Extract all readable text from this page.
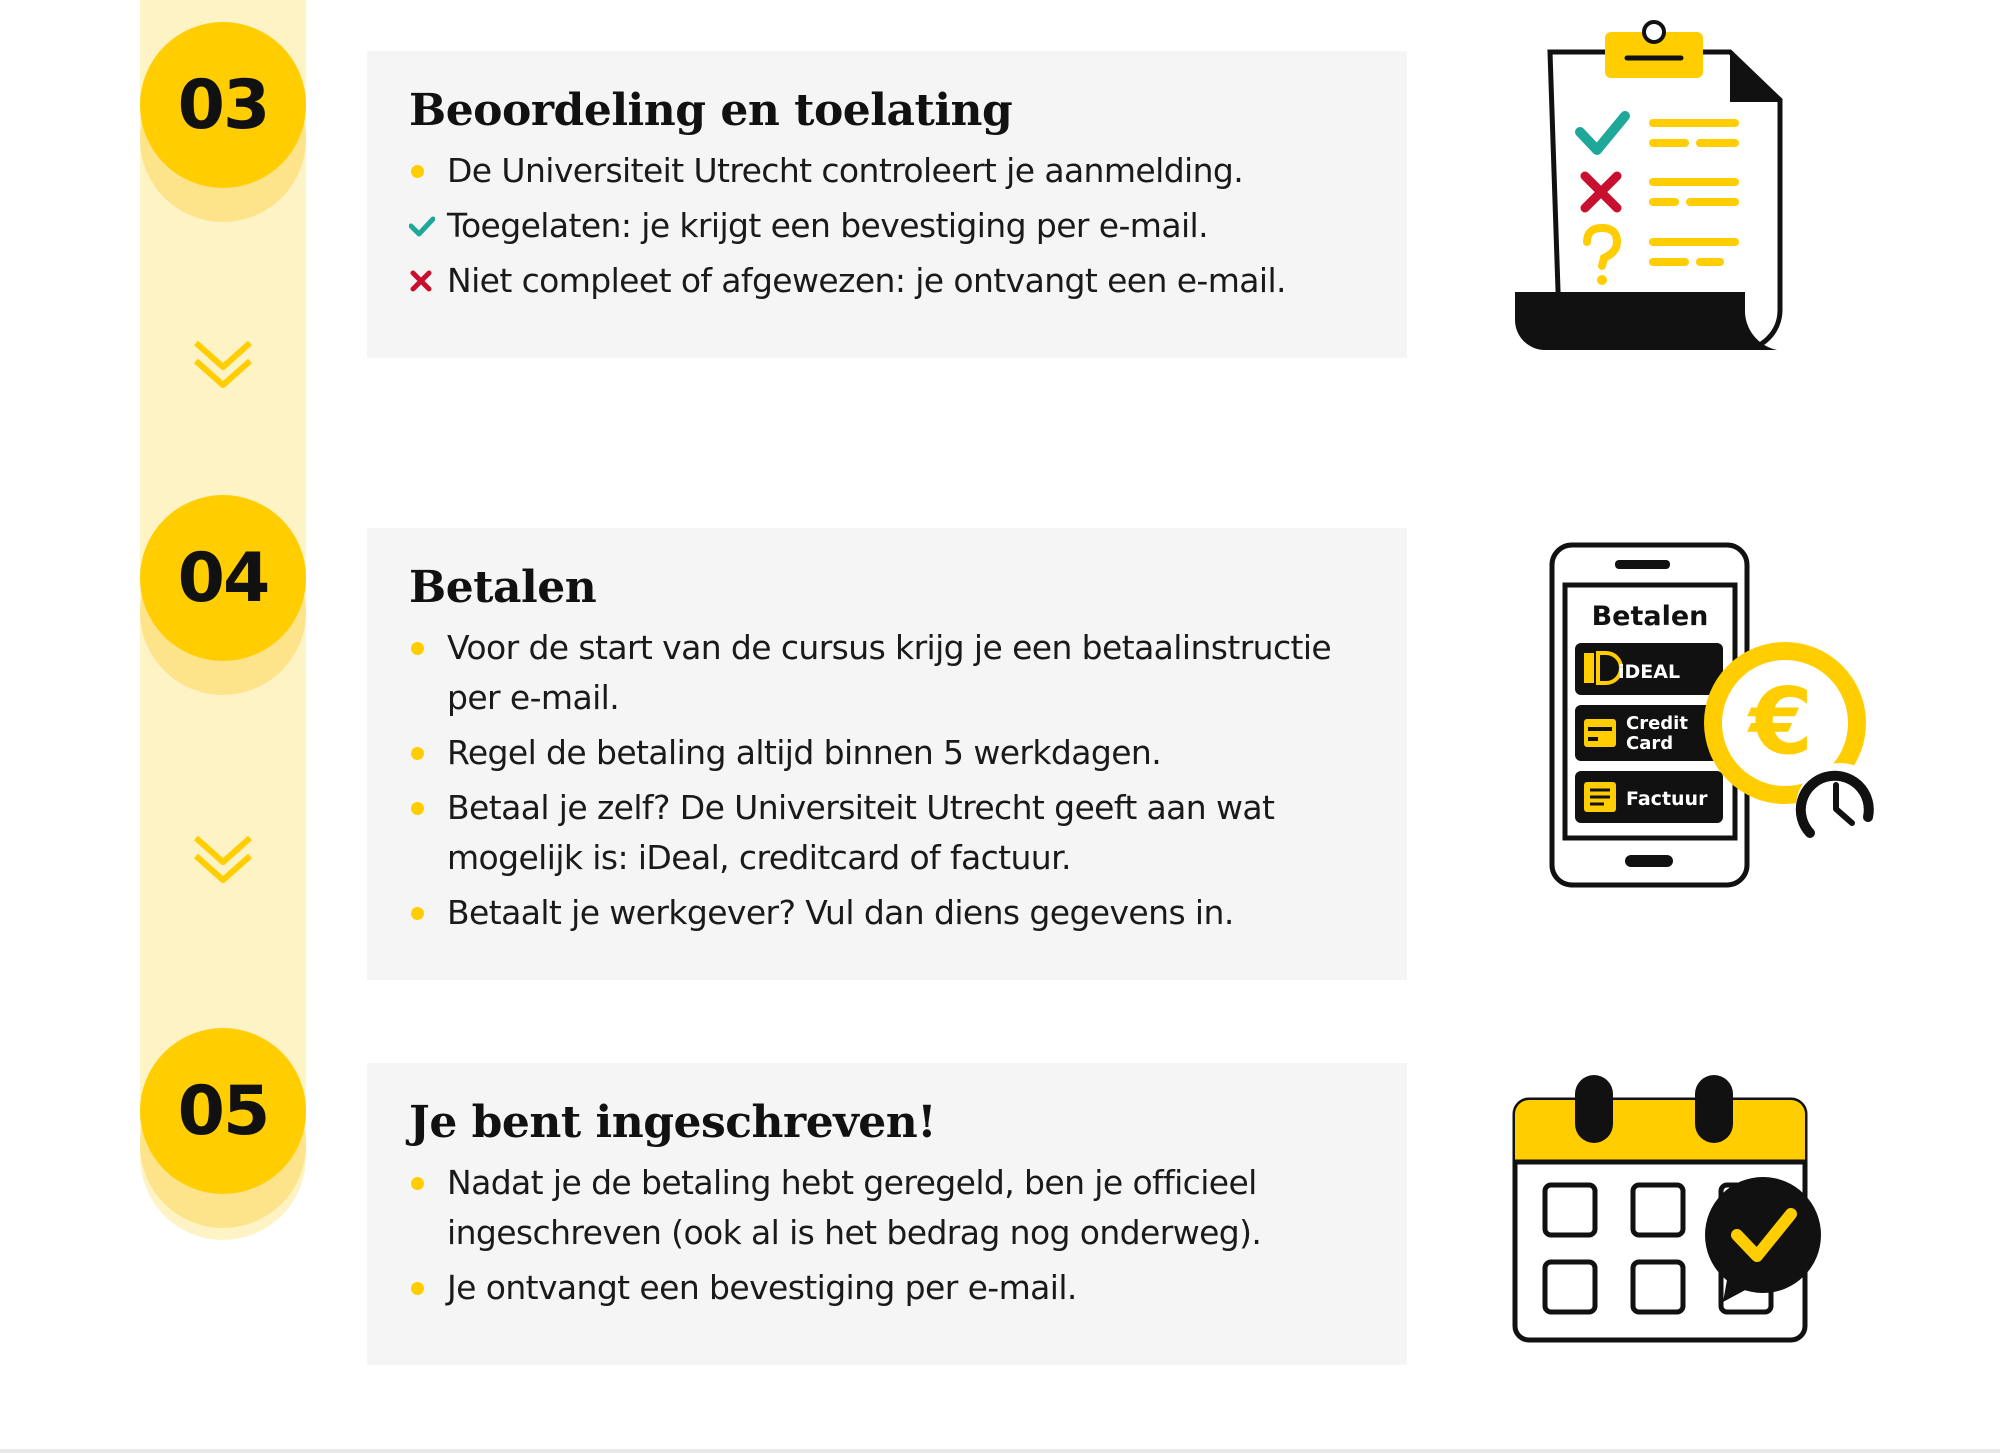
03
04
05
Beoordeling en toelating
De Universiteit Utrecht controleert je aanmelding.
Toegelaten: je krijgt een bevestiging per e-mail.
Niet compleet of afgewezen: je ontvangt een e-mail.
Betalen
Voor de start van de cursus krijg je een betaalinstructie
per e-mail.
Regel de betaling altijd binnen 5 werkdagen.
Betaal je zelf? De Universiteit Utrecht geeft aan wat
mogelijk is: iDeal, creditcard of factuur.
Betaalt je werkgever? Vul dan diens gegevens in.
Je bent ingeschreven!
Nadat je de betaling hebt geregeld, ben je officieel
ingeschreven (ook al is het bedrag nog onderweg).
Je ontvangt een bevestiging per e-mail.
Betalen
iDEAL
Credit
Card
Factuur
€
